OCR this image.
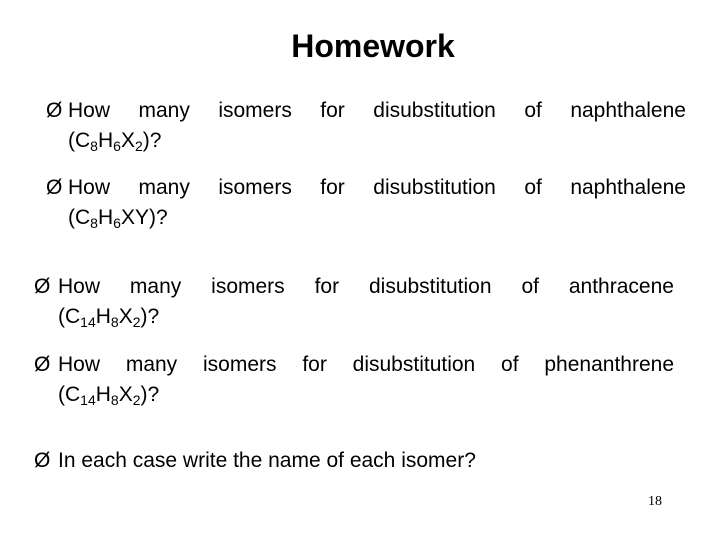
Homework
Ø How many isomers for disubstitution of naphthalene
$(C_8H_6X_2)$?
Ø How many isomers for disubstitution of naphthalene
$(C_8H_6XY)$?
Ø How many isomers for disubstitution of anthracene
$(C_{14}H_8X_2)$?
Ø How many isomers for disubstitution of phenanthrene
$(C_{14}H_8X_2)$?
Ø In each case write the name of each isomer?
18
